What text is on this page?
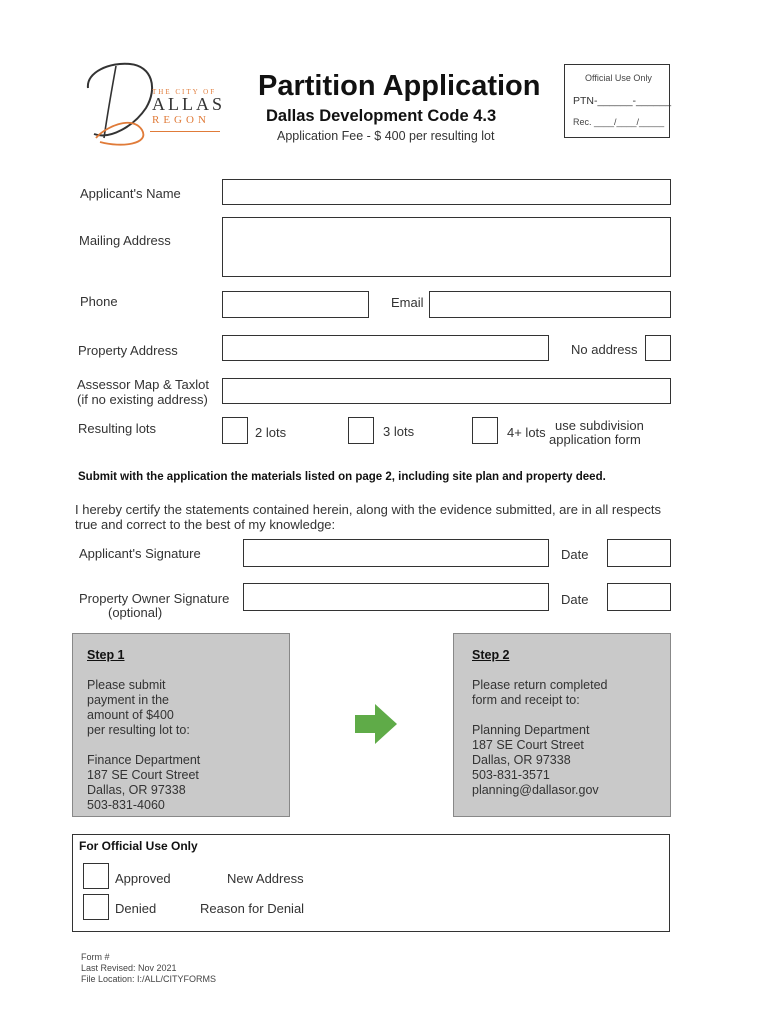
THE CITY OF
ALLAS
REGON
Partition Application
Dallas Development Code 4.3
Application Fee - $ 400 per resulting lot
Official Use Only
PTN-______-______
Rec. ____/____/_____
Applicant's Name
Mailing Address
Phone	Email
Property Address	No address
Assessor Map & Taxlot
(if no existing address)
Resulting lots	2 lots	3 lots	4+ lots use subdivision
application form
Submit with the application the materials listed on page 2, including site plan and property deed.
I hereby certify the statements contained herein, along with the evidence submitted, are in all respects true and correct to the best of my knowledge:
Applicant's Signature	Date
Property Owner Signature
(optional)
Date
Step 1
Please submit
payment in the
amount of $400
per resulting lot to:

Finance Department
187 SE Court Street
Dallas, OR 97338
503-831-4060
Step 2
Please return completed
form and receipt to:

Planning Department
187 SE Court Street
Dallas, OR 97338
503-831-3571
planning@dallasor.gov
For Official Use Only
Approved	New Address
Denied	Reason for Denial
Form #
Last Revised: Nov 2021
File Location: I:/ALL/CITYFORMS
